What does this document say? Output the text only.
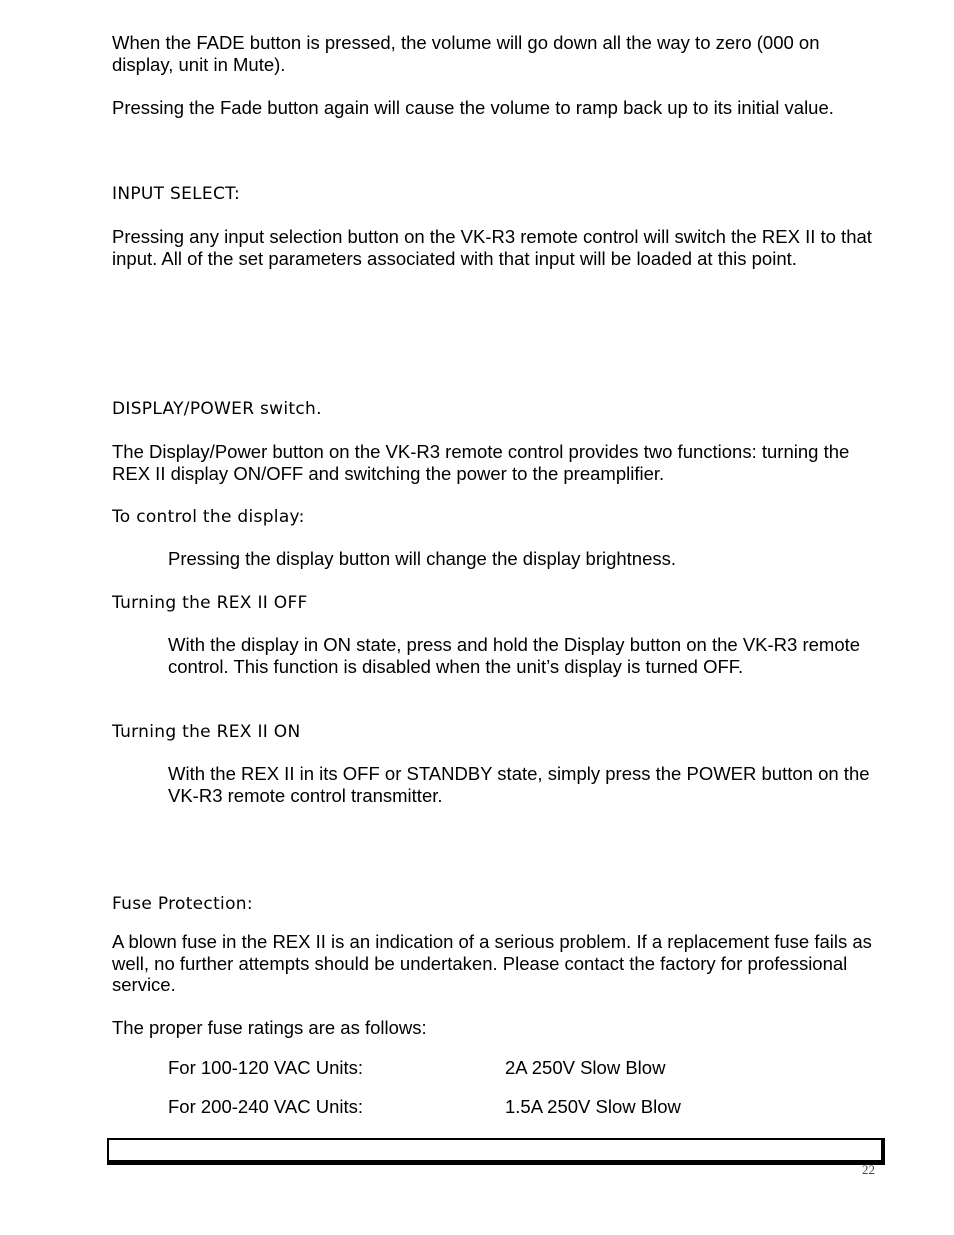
When the FADE button is pressed, the volume will go down all the way to zero (000 on display, unit in Mute).

Pressing the Fade button again will cause the volume to ramp back up to its initial value.

INPUT SELECT:

Pressing any input selection button on the VK-R3 remote control will switch the REX II to that input. All of the set parameters associated with that input will be loaded at this point.

DISPLAY/POWER switch.

The Display/Power button on the VK-R3 remote control provides two functions: turning the REX II display ON/OFF and switching the power to the preamplifier.

To control the display:

Pressing the display button will change the display brightness.

Turning the REX II OFF

With the display in ON state, press and hold the Display button on the VK-R3 remote control. This function is disabled when the unit’s display is turned OFF.

Turning the REX II ON

With the REX II in its OFF or STANDBY state, simply press the POWER button on the VK-R3 remote control transmitter.

Fuse Protection:

A blown fuse in the REX II is an indication of a serious problem. If a replacement fuse fails as well, no further attempts should be undertaken. Please contact the factory for professional service.

The proper fuse ratings are as follows:

For 100-120 VAC Units:	2A 250V Slow Blow
For 200-240 VAC Units:	1.5A 250V Slow Blow
22
